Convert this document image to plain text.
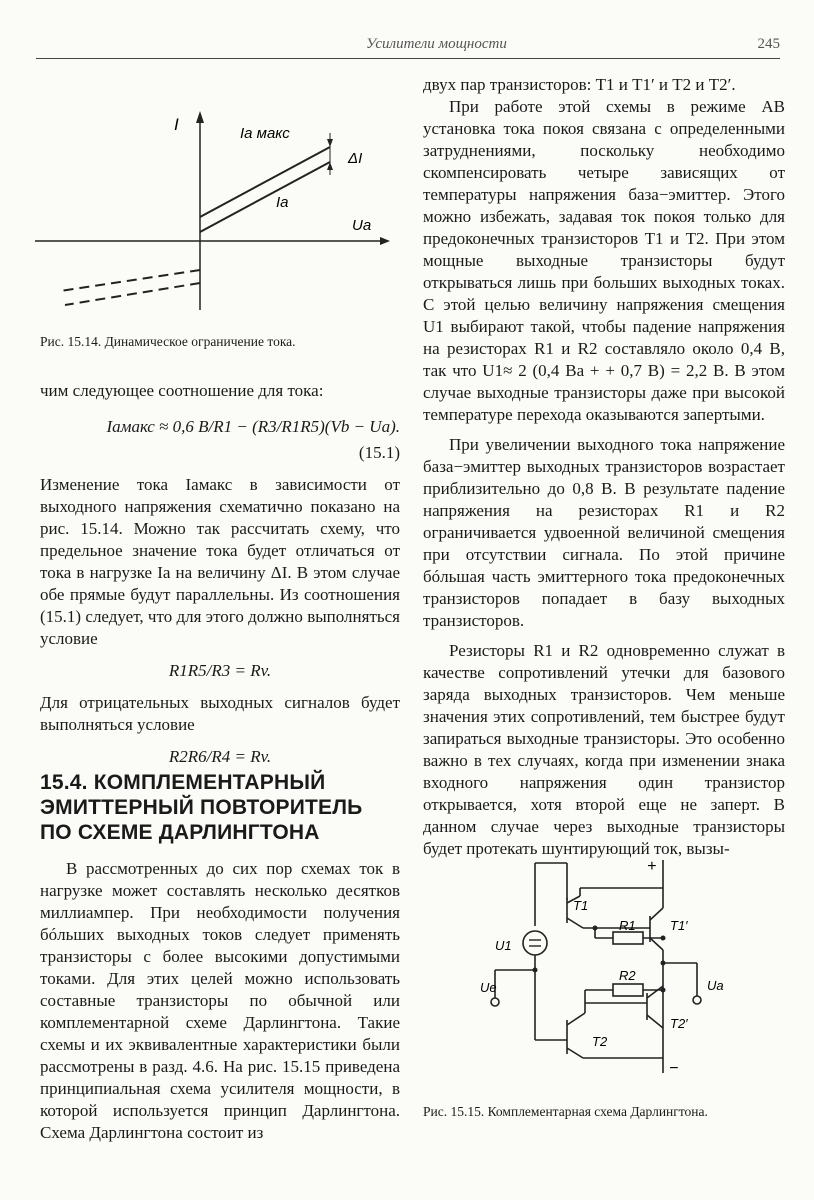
Усилители мощности	245
I
Ua
Ia макс
ΔI
Ia
Рис. 15.14. Динамическое ограничение тока.

чим следующее соотношение для тока:

Iaмакс ≈ 0,6 В/R1 − (R3/R1R5)(Vb − Ua).

(15.1)

Изменение тока Iaмакс в зависимости от выходного напряжения схематично показано на рис. 15.14. Можно так рассчитать схему, что предельное значение тока будет отличаться от тока в нагрузке Ia на величину ΔI. В этом случае обе прямые будут параллельны. Из соотношения (15.1) следует, что для этого должно выполняться условие

R1R5/R3 = Rv.

Для отрицательных выходных сигналов будет выполняться условие

R2R6/R4 = Rv.

15.4. КОМПЛЕМЕНТАРНЫЙ ЭМИТТЕРНЫЙ ПОВТОРИТЕЛЬ ПО СХЕМЕ ДАРЛИНГТОНА

В рассмотренных до сих пор схемах ток в нагрузке может составлять несколько десятков миллиампер. При необходимости получения бóльших выходных токов следует применять транзисторы с более высокими допустимыми токами. Для этих целей можно использовать составные транзисторы по обычной или комплементарной схеме Дарлингтона. Такие схемы и их эквивалентные характеристики были рассмотрены в разд. 4.6. На рис. 15.15 приведена принципиальная схема усилителя мощности, в которой используется принцип Дарлингтона. Схема Дарлингтона состоит из

двух пар транзисторов: T1 и T1′ и T2 и T2′.

При работе этой схемы в режиме АВ установка тока покоя связана с определенными затруднениями, поскольку необходимо скомпенсировать четыре зависящих от температуры напряжения база−эмиттер. Этого можно избежать, задавая ток покоя только для предоконечных транзисторов T1 и T2. При этом мощные выходные транзисторы будут открываться лишь при больших выходных токах. С этой целью величину напряжения смещения U1 выбирают такой, чтобы падение напряжения на резисторах R1 и R2 составляло около 0,4 В, так что U1≈ 2 (0,4 Ва + + 0,7 В) = 2,2 В. В этом случае выходные транзисторы даже при высокой температуре перехода оказываются запертыми.

При увеличении выходного тока напряжение база−эмиттер выходных транзисторов возрастает приблизительно до 0,8 В. В результате падение напряжения на резисторах R1 и R2 ограничивается удвоенной величиной смещения при отсутствии сигнала. По этой причине бóльшая часть эмиттерного тока предоконечных транзисторов попадает в базу выходных транзисторов.

Резисторы R1 и R2 одновременно служат в качестве сопротивлений утечки для базового заряда выходных транзисторов. Чем меньше значения этих сопротивлений, тем быстрее будут запираться выходные транзисторы. Это особенно важно в тех случаях, когда при изменении знака входного напряжения один транзистор открывается, хотя второй еще не заперт. В данном случае через выходные транзисторы будет протекать шунтирующий ток, вызы-

+
−
T1
T1′
R1
U1
Ue	Ua
R2
T2′
T2
Рис. 15.15. Комплементарная схема Дарлингтона.
